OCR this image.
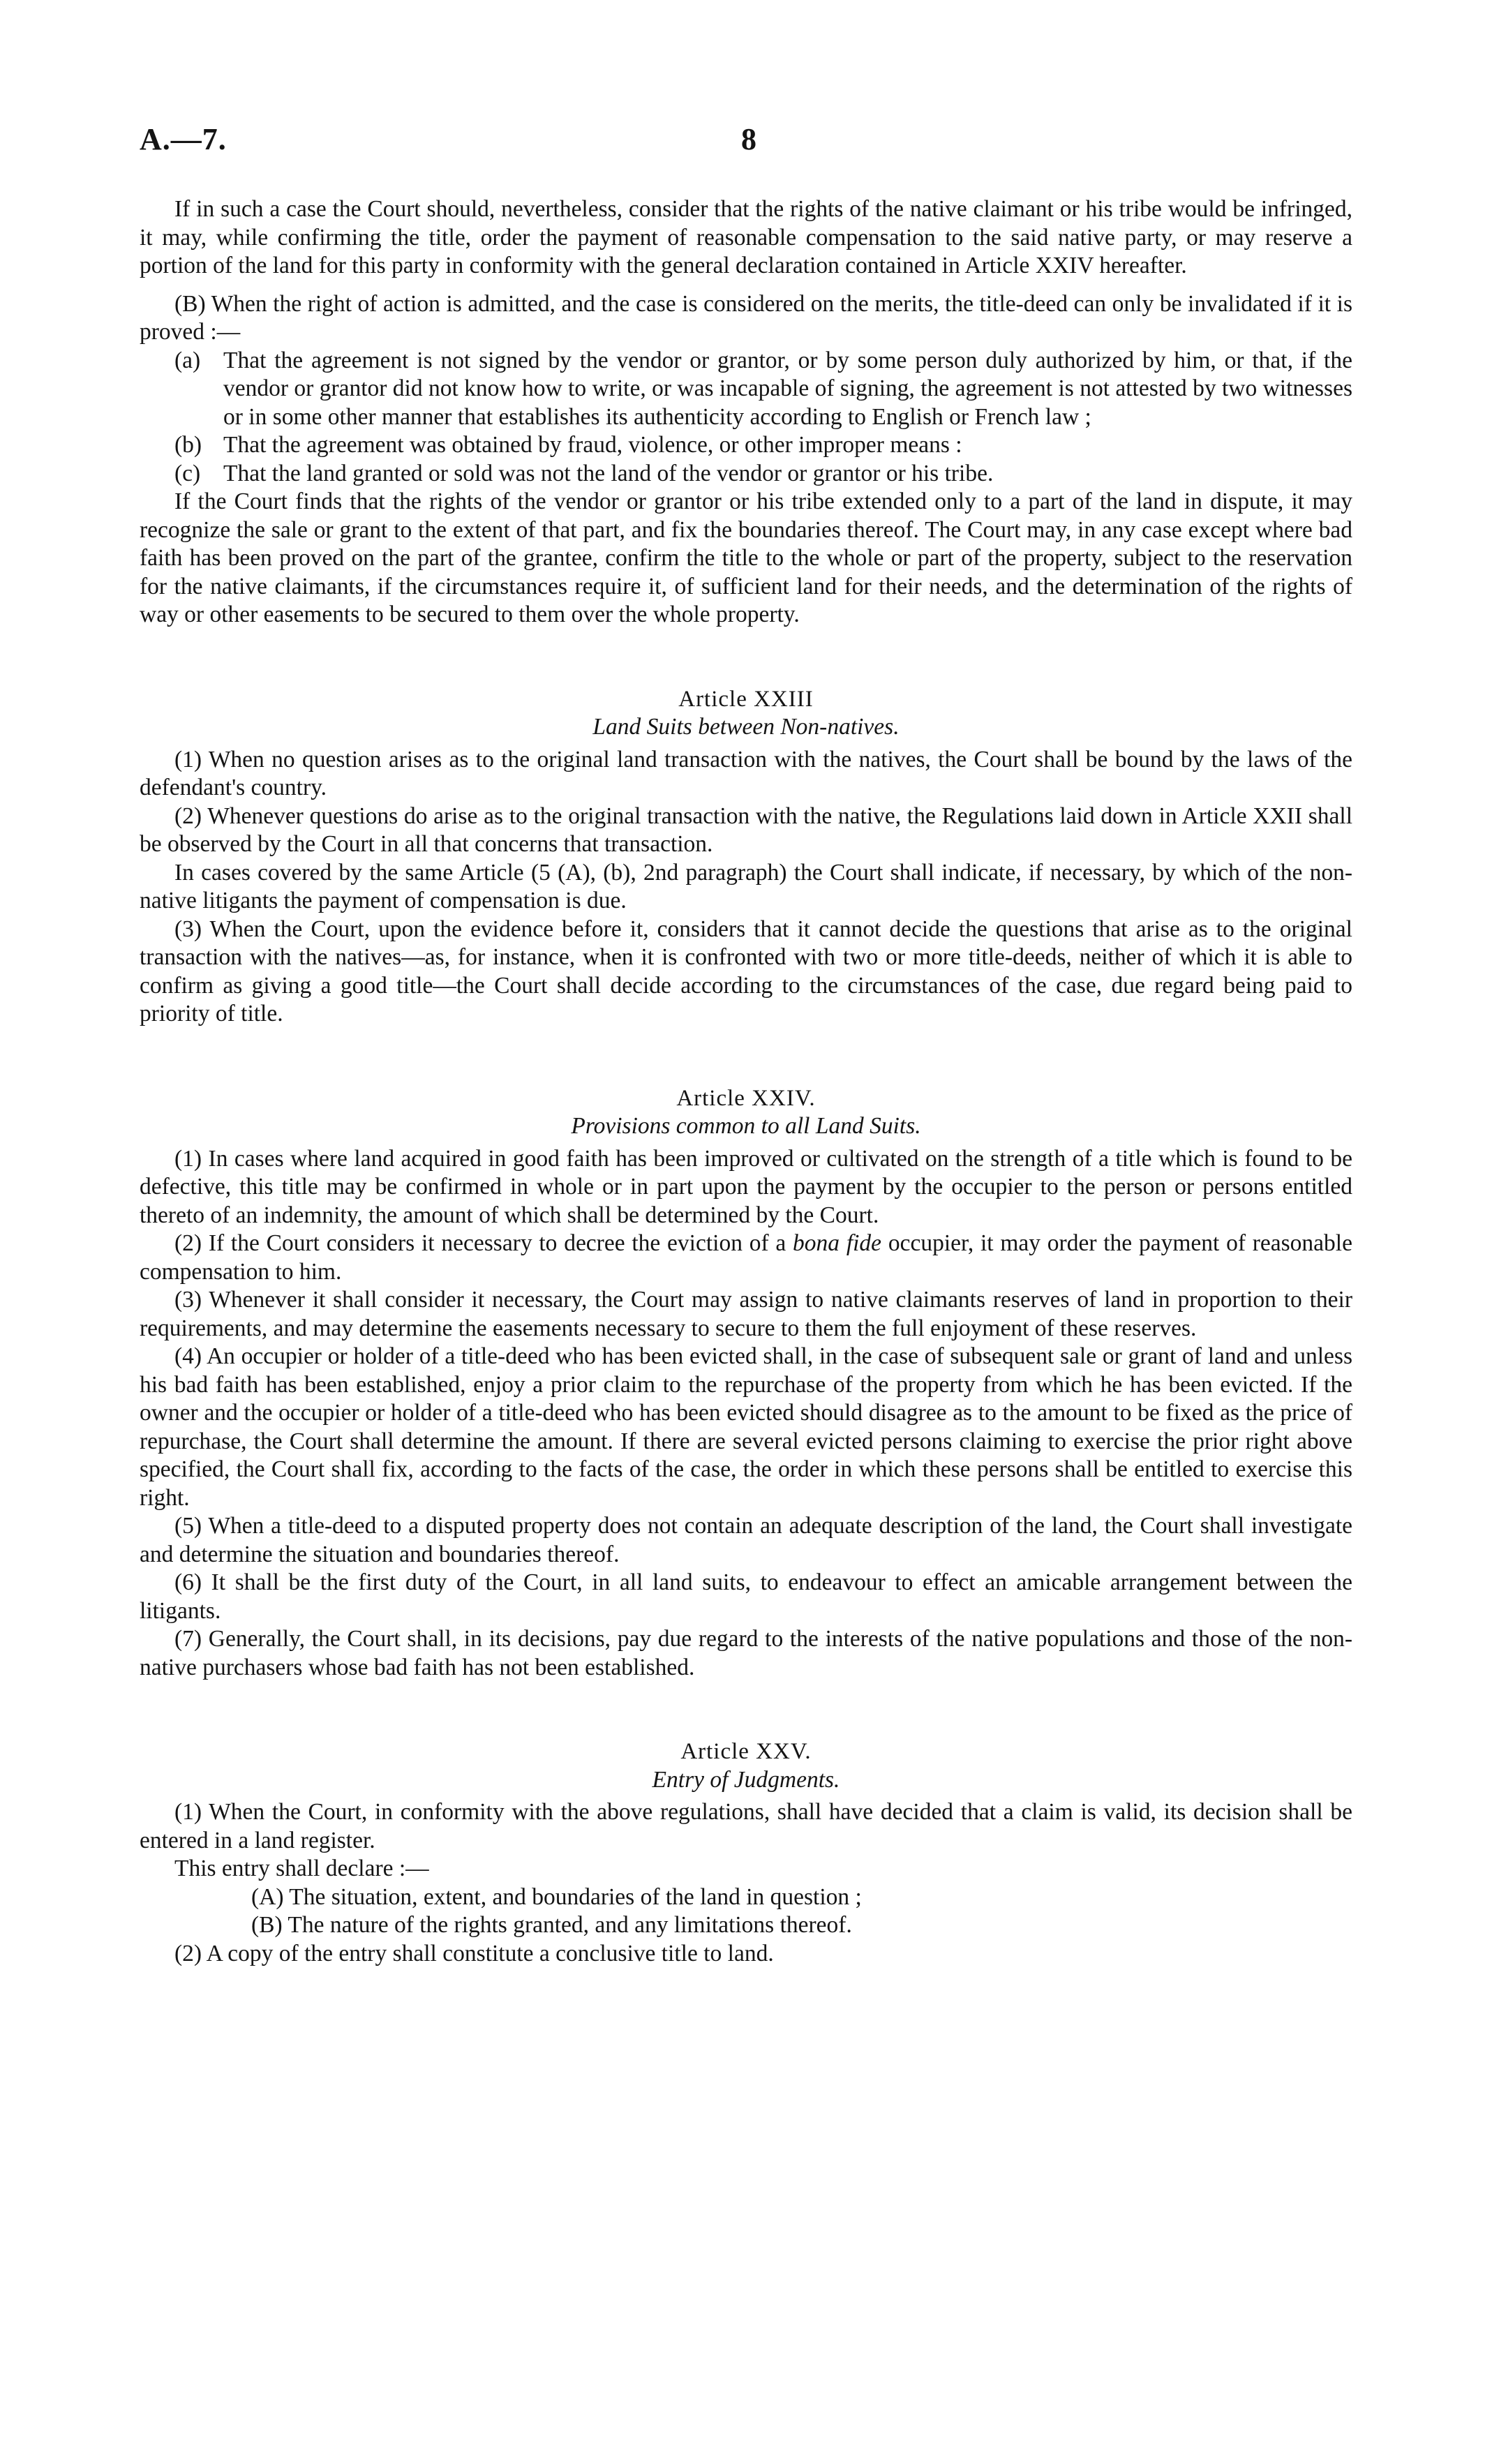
A.—7.	8

If in such a case the Court should, nevertheless, consider that the rights of the native claimant or his tribe would be infringed, it may, while confirming the title, order the payment of reasonable compensation to the said native party, or may reserve a portion of the land for this party in conformity with the general declaration contained in Article XXIV hereafter.

(B) When the right of action is admitted, and the case is considered on the merits, the title-deed can only be invalidated if it is proved :—

(a) That the agreement is not signed by the vendor or grantor, or by some person duly authorized by him, or that, if the vendor or grantor did not know how to write, or was incapable of signing, the agreement is not attested by two witnesses or in some other manner that establishes its authenticity according to English or French law ;
(b) That the agreement was obtained by fraud, violence, or other improper means :
(c) That the land granted or sold was not the land of the vendor or grantor or his tribe.

If the Court finds that the rights of the vendor or grantor or his tribe extended only to a part of the land in dispute, it may recognize the sale or grant to the extent of that part, and fix the boundaries thereof. The Court may, in any case except where bad faith has been proved on the part of the grantee, confirm the title to the whole or part of the property, subject to the reservation for the native claimants, if the circumstances require it, of sufficient land for their needs, and the determination of the rights of way or other easements to be secured to them over the whole property.

Article XXIII
Land Suits between Non-natives.

(1) When no question arises as to the original land transaction with the natives, the Court shall be bound by the laws of the defendant's country.

(2) Whenever questions do arise as to the original transaction with the native, the Regulations laid down in Article XXII shall be observed by the Court in all that concerns that transaction.

In cases covered by the same Article (5 (A), (b), 2nd paragraph) the Court shall indicate, if necessary, by which of the non-native litigants the payment of compensation is due.

(3) When the Court, upon the evidence before it, considers that it cannot decide the questions that arise as to the original transaction with the natives—as, for instance, when it is confronted with two or more title-deeds, neither of which it is able to confirm as giving a good title—the Court shall decide according to the circumstances of the case, due regard being paid to priority of title.

Article XXIV.
Provisions common to all Land Suits.

(1) In cases where land acquired in good faith has been improved or cultivated on the strength of a title which is found to be defective, this title may be confirmed in whole or in part upon the payment by the occupier to the person or persons entitled thereto of an indemnity, the amount of which shall be determined by the Court.

(2) If the Court considers it necessary to decree the eviction of a bona fide occupier, it may order the payment of reasonable compensation to him.

(3) Whenever it shall consider it necessary, the Court may assign to native claimants reserves of land in proportion to their requirements, and may determine the easements necessary to secure to them the full enjoyment of these reserves.

(4) An occupier or holder of a title-deed who has been evicted shall, in the case of subsequent sale or grant of land and unless his bad faith has been established, enjoy a prior claim to the repurchase of the property from which he has been evicted. If the owner and the occupier or holder of a title-deed who has been evicted should disagree as to the amount to be fixed as the price of repurchase, the Court shall determine the amount. If there are several evicted persons claiming to exercise the prior right above specified, the Court shall fix, according to the facts of the case, the order in which these persons shall be entitled to exercise this right.

(5) When a title-deed to a disputed property does not contain an adequate description of the land, the Court shall investigate and determine the situation and boundaries thereof.

(6) It shall be the first duty of the Court, in all land suits, to endeavour to effect an amicable arrangement between the litigants.

(7) Generally, the Court shall, in its decisions, pay due regard to the interests of the native populations and those of the non-native purchasers whose bad faith has not been established.

Article XXV.
Entry of Judgments.

(1) When the Court, in conformity with the above regulations, shall have decided that a claim is valid, its decision shall be entered in a land register.

This entry shall declare :—

(A) The situation, extent, and boundaries of the land in question ;

(B) The nature of the rights granted, and any limitations thereof.

(2) A copy of the entry shall constitute a conclusive title to land.
